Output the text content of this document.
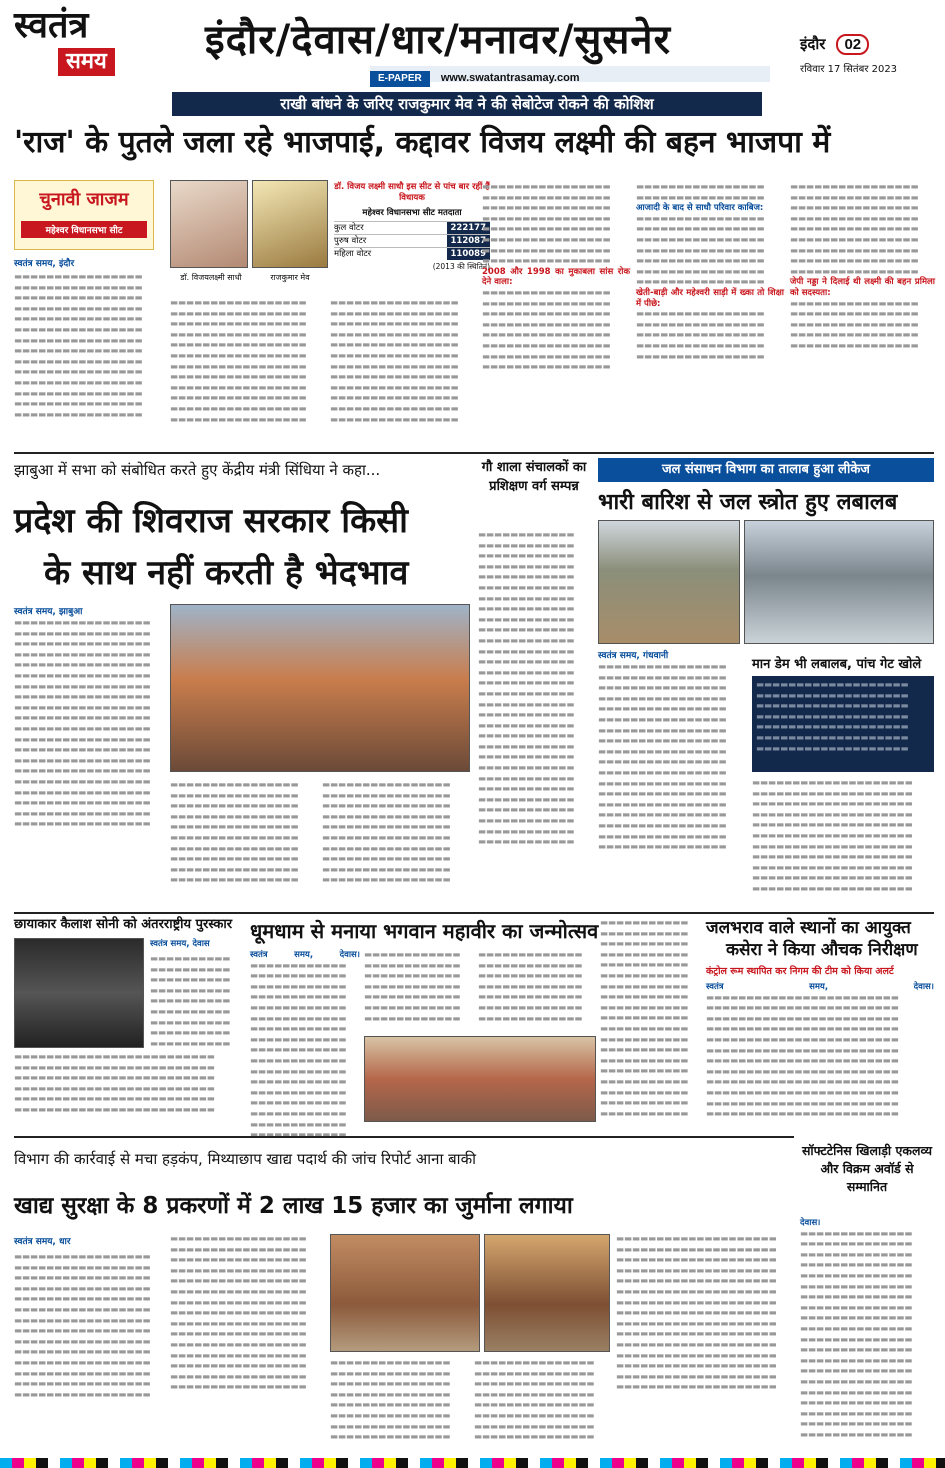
स्वतंत्र
समय इंदौर/देवास/धार/मनावर/सुसनेर
E-PAPER www.swatantrasamay.com
इंदौर 02
रविवार 17 सितंबर 2023
राखी बांधने के जरिए राजकुमार मेव ने की सेबोटेज रोकने की कोशिश
'राज' के पुतले जला रहे भाजपाई, कद्दावर विजय लक्ष्मी की बहन भाजपा में
चुनावी जाजम
महेश्वर विधानसभा सीट
स्वतंत्र समय, इंदौर
▬▬▬▬▬▬▬▬▬▬▬▬▬▬▬▬ ▬▬▬▬▬▬▬▬▬▬▬▬▬▬▬▬ ▬▬▬▬▬▬▬▬▬▬▬▬▬▬▬▬ ▬▬▬▬▬▬▬▬▬▬▬▬▬▬▬▬ ▬▬▬▬▬▬▬▬▬▬▬▬▬▬▬▬ ▬▬▬▬▬▬▬▬▬▬▬▬▬▬▬▬ ▬▬▬▬▬▬▬▬▬▬▬▬▬▬▬▬ ▬▬▬▬▬▬▬▬▬▬▬▬▬▬▬▬ ▬▬▬▬▬▬▬▬▬▬▬▬▬▬▬▬ ▬▬▬▬▬▬▬▬▬▬▬▬▬▬▬▬ ▬▬▬▬▬▬▬▬▬▬▬▬▬▬▬▬ ▬▬▬▬▬▬▬▬▬▬▬▬▬▬▬▬ ▬▬▬▬▬▬▬▬▬▬▬▬▬▬▬▬ ▬▬▬▬▬▬▬▬▬▬▬▬▬▬▬▬
डॉ. विजयलक्ष्मी साधौ	राजकुमार मेव
डॉ. विजय लक्ष्मी साधौ इस सीट से पांच बार रहीं हैं विधायक
महेश्वर विधानसभा सीट मतदाता
कुल वोटर	222177
पुरुष वोटर	112087
महिला वोटर	110089
(2013 की स्थितिनं)
▬▬▬▬▬▬▬▬▬▬▬▬▬▬▬▬▬ ▬▬▬▬▬▬▬▬▬▬▬▬▬▬▬▬▬ ▬▬▬▬▬▬▬▬▬▬▬▬▬▬▬▬▬ ▬▬▬▬▬▬▬▬▬▬▬▬▬▬▬▬▬ ▬▬▬▬▬▬▬▬▬▬▬▬▬▬▬▬▬ ▬▬▬▬▬▬▬▬▬▬▬▬▬▬▬▬▬ ▬▬▬▬▬▬▬▬▬▬▬▬▬▬▬▬▬ ▬▬▬▬▬▬▬▬▬▬▬▬▬▬▬▬▬ ▬▬▬▬▬▬▬▬▬▬▬▬▬▬▬▬▬ ▬▬▬▬▬▬▬▬▬▬▬▬▬▬▬▬▬ ▬▬▬▬▬▬▬▬▬▬▬▬▬▬▬▬▬ ▬▬▬▬▬▬▬▬▬▬▬▬▬▬▬▬▬
▬▬▬▬▬▬▬▬▬▬▬▬▬▬▬▬ ▬▬▬▬▬▬▬▬▬▬▬▬▬▬▬▬ ▬▬▬▬▬▬▬▬▬▬▬▬▬▬▬▬ ▬▬▬▬▬▬▬▬▬▬▬▬▬▬▬▬ ▬▬▬▬▬▬▬▬▬▬▬▬▬▬▬▬ ▬▬▬▬▬▬▬▬▬▬▬▬▬▬▬▬ ▬▬▬▬▬▬▬▬▬▬▬▬▬▬▬▬ ▬▬▬▬▬▬▬▬▬▬▬▬▬▬▬▬ ▬▬▬▬▬▬▬▬▬▬▬▬▬▬▬▬ ▬▬▬▬▬▬▬▬▬▬▬▬▬▬▬▬ ▬▬▬▬▬▬▬▬▬▬▬▬▬▬▬▬ ▬▬▬▬▬▬▬▬▬▬▬▬▬▬▬▬
▬▬▬▬▬▬▬▬▬▬▬▬▬▬▬▬ ▬▬▬▬▬▬▬▬▬▬▬▬▬▬▬▬ ▬▬▬▬▬▬▬▬▬▬▬▬▬▬▬▬ ▬▬▬▬▬▬▬▬▬▬▬▬▬▬▬▬ ▬▬▬▬▬▬▬▬▬▬▬▬▬▬▬▬ ▬▬▬▬▬▬▬▬▬▬▬▬▬▬▬▬ ▬▬▬▬▬▬▬▬▬▬▬▬▬▬▬▬ ▬▬▬▬▬▬▬▬▬▬▬▬▬▬▬▬
2008 और 1998 का मुकाबला सांस रोक देने वाला:
▬▬▬▬▬▬▬▬▬▬▬▬▬▬▬▬ ▬▬▬▬▬▬▬▬▬▬▬▬▬▬▬▬ ▬▬▬▬▬▬▬▬▬▬▬▬▬▬▬▬ ▬▬▬▬▬▬▬▬▬▬▬▬▬▬▬▬ ▬▬▬▬▬▬▬▬▬▬▬▬▬▬▬▬ ▬▬▬▬▬▬▬▬▬▬▬▬▬▬▬▬ ▬▬▬▬▬▬▬▬▬▬▬▬▬▬▬▬ ▬▬▬▬▬▬▬▬▬▬▬▬▬▬▬▬
▬▬▬▬▬▬▬▬▬▬▬▬▬▬▬▬ ▬▬▬▬▬▬▬▬▬▬▬▬▬▬▬▬
आजादी के बाद से साधौ परिवार काबिज:
▬▬▬▬▬▬▬▬▬▬▬▬▬▬▬▬ ▬▬▬▬▬▬▬▬▬▬▬▬▬▬▬▬ ▬▬▬▬▬▬▬▬▬▬▬▬▬▬▬▬ ▬▬▬▬▬▬▬▬▬▬▬▬▬▬▬▬ ▬▬▬▬▬▬▬▬▬▬▬▬▬▬▬▬ ▬▬▬▬▬▬▬▬▬▬▬▬▬▬▬▬ ▬▬▬▬▬▬▬▬▬▬▬▬▬▬▬▬
खेती-बाड़ी और महेश्वरी साड़ी में ख्का तो शिक्षा में पीछे:
▬▬▬▬▬▬▬▬▬▬▬▬▬▬▬▬ ▬▬▬▬▬▬▬▬▬▬▬▬▬▬▬▬ ▬▬▬▬▬▬▬▬▬▬▬▬▬▬▬▬ ▬▬▬▬▬▬▬▬▬▬▬▬▬▬▬▬ ▬▬▬▬▬▬▬▬▬▬▬▬▬▬▬▬
▬▬▬▬▬▬▬▬▬▬▬▬▬▬▬▬ ▬▬▬▬▬▬▬▬▬▬▬▬▬▬▬▬ ▬▬▬▬▬▬▬▬▬▬▬▬▬▬▬▬ ▬▬▬▬▬▬▬▬▬▬▬▬▬▬▬▬ ▬▬▬▬▬▬▬▬▬▬▬▬▬▬▬▬ ▬▬▬▬▬▬▬▬▬▬▬▬▬▬▬▬ ▬▬▬▬▬▬▬▬▬▬▬▬▬▬▬▬ ▬▬▬▬▬▬▬▬▬▬▬▬▬▬▬▬ ▬▬▬▬▬▬▬▬▬▬▬▬▬▬▬▬
जेपी नड्डा ने दिलाई थी लक्ष्मी की बहन प्रमिला को सदस्यता:
▬▬▬▬▬▬▬▬▬▬▬▬▬▬▬▬ ▬▬▬▬▬▬▬▬▬▬▬▬▬▬▬▬ ▬▬▬▬▬▬▬▬▬▬▬▬▬▬▬▬ ▬▬▬▬▬▬▬▬▬▬▬▬▬▬▬▬ ▬▬▬▬▬▬▬▬▬▬▬▬▬▬▬▬
झाबुआ में सभा को संबोधित करते हुए केंद्रीय मंत्री सिंधिया ने कहा...
प्रदेश की शिवराज सरकार किसी
के साथ नहीं करती है भेदभाव
स्वतंत्र समय, झाबुआ
▬▬▬▬▬▬▬▬▬▬▬▬▬▬▬▬▬ ▬▬▬▬▬▬▬▬▬▬▬▬▬▬▬▬▬ ▬▬▬▬▬▬▬▬▬▬▬▬▬▬▬▬▬ ▬▬▬▬▬▬▬▬▬▬▬▬▬▬▬▬▬ ▬▬▬▬▬▬▬▬▬▬▬▬▬▬▬▬▬ ▬▬▬▬▬▬▬▬▬▬▬▬▬▬▬▬▬ ▬▬▬▬▬▬▬▬▬▬▬▬▬▬▬▬▬ ▬▬▬▬▬▬▬▬▬▬▬▬▬▬▬▬▬ ▬▬▬▬▬▬▬▬▬▬▬▬▬▬▬▬▬ ▬▬▬▬▬▬▬▬▬▬▬▬▬▬▬▬▬ ▬▬▬▬▬▬▬▬▬▬▬▬▬▬▬▬▬ ▬▬▬▬▬▬▬▬▬▬▬▬▬▬▬▬▬ ▬▬▬▬▬▬▬▬▬▬▬▬▬▬▬▬▬ ▬▬▬▬▬▬▬▬▬▬▬▬▬▬▬▬▬ ▬▬▬▬▬▬▬▬▬▬▬▬▬▬▬▬▬ ▬▬▬▬▬▬▬▬▬▬▬▬▬▬▬▬▬ ▬▬▬▬▬▬▬▬▬▬▬▬▬▬▬▬▬ ▬▬▬▬▬▬▬▬▬▬▬▬▬▬▬▬▬ ▬▬▬▬▬▬▬▬▬▬▬▬▬▬▬▬▬ ▬▬▬▬▬▬▬▬▬▬▬▬▬▬▬▬▬
▬▬▬▬▬▬▬▬▬▬▬▬▬▬▬▬ ▬▬▬▬▬▬▬▬▬▬▬▬▬▬▬▬ ▬▬▬▬▬▬▬▬▬▬▬▬▬▬▬▬ ▬▬▬▬▬▬▬▬▬▬▬▬▬▬▬▬ ▬▬▬▬▬▬▬▬▬▬▬▬▬▬▬▬ ▬▬▬▬▬▬▬▬▬▬▬▬▬▬▬▬ ▬▬▬▬▬▬▬▬▬▬▬▬▬▬▬▬ ▬▬▬▬▬▬▬▬▬▬▬▬▬▬▬▬ ▬▬▬▬▬▬▬▬▬▬▬▬▬▬▬▬ ▬▬▬▬▬▬▬▬▬▬▬▬▬▬▬▬
▬▬▬▬▬▬▬▬▬▬▬▬▬▬▬▬ ▬▬▬▬▬▬▬▬▬▬▬▬▬▬▬▬ ▬▬▬▬▬▬▬▬▬▬▬▬▬▬▬▬ ▬▬▬▬▬▬▬▬▬▬▬▬▬▬▬▬ ▬▬▬▬▬▬▬▬▬▬▬▬▬▬▬▬ ▬▬▬▬▬▬▬▬▬▬▬▬▬▬▬▬ ▬▬▬▬▬▬▬▬▬▬▬▬▬▬▬▬ ▬▬▬▬▬▬▬▬▬▬▬▬▬▬▬▬ ▬▬▬▬▬▬▬▬▬▬▬▬▬▬▬▬ ▬▬▬▬▬▬▬▬▬▬▬▬▬▬▬▬
गौ शाला संचालकों का प्रशिक्षण वर्ग सम्पन्न
▬▬▬▬▬▬▬▬▬▬▬▬ ▬▬▬▬▬▬▬▬▬▬▬▬ ▬▬▬▬▬▬▬▬▬▬▬▬ ▬▬▬▬▬▬▬▬▬▬▬▬ ▬▬▬▬▬▬▬▬▬▬▬▬ ▬▬▬▬▬▬▬▬▬▬▬▬ ▬▬▬▬▬▬▬▬▬▬▬▬ ▬▬▬▬▬▬▬▬▬▬▬▬ ▬▬▬▬▬▬▬▬▬▬▬▬ ▬▬▬▬▬▬▬▬▬▬▬▬ ▬▬▬▬▬▬▬▬▬▬▬▬ ▬▬▬▬▬▬▬▬▬▬▬▬ ▬▬▬▬▬▬▬▬▬▬▬▬ ▬▬▬▬▬▬▬▬▬▬▬▬ ▬▬▬▬▬▬▬▬▬▬▬▬ ▬▬▬▬▬▬▬▬▬▬▬▬ ▬▬▬▬▬▬▬▬▬▬▬▬ ▬▬▬▬▬▬▬▬▬▬▬▬ ▬▬▬▬▬▬▬▬▬▬▬▬ ▬▬▬▬▬▬▬▬▬▬▬▬ ▬▬▬▬▬▬▬▬▬▬▬▬ ▬▬▬▬▬▬▬▬▬▬▬▬ ▬▬▬▬▬▬▬▬▬▬▬▬ ▬▬▬▬▬▬▬▬▬▬▬▬ ▬▬▬▬▬▬▬▬▬▬▬▬ ▬▬▬▬▬▬▬▬▬▬▬▬ ▬▬▬▬▬▬▬▬▬▬▬▬ ▬▬▬▬▬▬▬▬▬▬▬▬ ▬▬▬▬▬▬▬▬▬▬▬▬ ▬▬▬▬▬▬▬▬▬▬▬▬
जल संसाधन विभाग का तालाब हुआ लीकेज
भारी बारिश से जल स्त्रोत हुए लबालब
स्वतंत्र समय, गंधवानी
मान डेम भी लबालब, पांच गेट खोले
▬▬▬▬▬▬▬▬▬▬▬▬▬▬▬▬▬▬▬ ▬▬▬▬▬▬▬▬▬▬▬▬▬▬▬▬▬▬▬ ▬▬▬▬▬▬▬▬▬▬▬▬▬▬▬▬▬▬▬ ▬▬▬▬▬▬▬▬▬▬▬▬▬▬▬▬▬▬▬ ▬▬▬▬▬▬▬▬▬▬▬▬▬▬▬▬▬▬▬ ▬▬▬▬▬▬▬▬▬▬▬▬▬▬▬▬▬▬▬ ▬▬▬▬▬▬▬▬▬▬▬▬▬▬▬▬▬▬▬
▬▬▬▬▬▬▬▬▬▬▬▬▬▬▬▬ ▬▬▬▬▬▬▬▬▬▬▬▬▬▬▬▬ ▬▬▬▬▬▬▬▬▬▬▬▬▬▬▬▬ ▬▬▬▬▬▬▬▬▬▬▬▬▬▬▬▬ ▬▬▬▬▬▬▬▬▬▬▬▬▬▬▬▬ ▬▬▬▬▬▬▬▬▬▬▬▬▬▬▬▬ ▬▬▬▬▬▬▬▬▬▬▬▬▬▬▬▬ ▬▬▬▬▬▬▬▬▬▬▬▬▬▬▬▬ ▬▬▬▬▬▬▬▬▬▬▬▬▬▬▬▬ ▬▬▬▬▬▬▬▬▬▬▬▬▬▬▬▬ ▬▬▬▬▬▬▬▬▬▬▬▬▬▬▬▬ ▬▬▬▬▬▬▬▬▬▬▬▬▬▬▬▬ ▬▬▬▬▬▬▬▬▬▬▬▬▬▬▬▬ ▬▬▬▬▬▬▬▬▬▬▬▬▬▬▬▬ ▬▬▬▬▬▬▬▬▬▬▬▬▬▬▬▬ ▬▬▬▬▬▬▬▬▬▬▬▬▬▬▬▬ ▬▬▬▬▬▬▬▬▬▬▬▬▬▬▬▬ ▬▬▬▬▬▬▬▬▬▬▬▬▬▬▬▬
▬▬▬▬▬▬▬▬▬▬▬▬▬▬▬▬▬▬▬▬ ▬▬▬▬▬▬▬▬▬▬▬▬▬▬▬▬▬▬▬▬ ▬▬▬▬▬▬▬▬▬▬▬▬▬▬▬▬▬▬▬▬ ▬▬▬▬▬▬▬▬▬▬▬▬▬▬▬▬▬▬▬▬ ▬▬▬▬▬▬▬▬▬▬▬▬▬▬▬▬▬▬▬▬ ▬▬▬▬▬▬▬▬▬▬▬▬▬▬▬▬▬▬▬▬ ▬▬▬▬▬▬▬▬▬▬▬▬▬▬▬▬▬▬▬▬ ▬▬▬▬▬▬▬▬▬▬▬▬▬▬▬▬▬▬▬▬ ▬▬▬▬▬▬▬▬▬▬▬▬▬▬▬▬▬▬▬▬ ▬▬▬▬▬▬▬▬▬▬▬▬▬▬▬▬▬▬▬▬ ▬▬▬▬▬▬▬▬▬▬▬▬▬▬▬▬▬▬▬▬
छायाकार कैलाश सोनी को अंतरराष्ट्रीय पुरस्कार
स्वतंत्र समय, देवास
▬▬▬▬▬▬▬▬▬▬ ▬▬▬▬▬▬▬▬▬▬ ▬▬▬▬▬▬▬▬▬▬ ▬▬▬▬▬▬▬▬▬▬ ▬▬▬▬▬▬▬▬▬▬ ▬▬▬▬▬▬▬▬▬▬ ▬▬▬▬▬▬▬▬▬▬ ▬▬▬▬▬▬▬▬▬▬ ▬▬▬▬▬▬▬▬▬▬
▬▬▬▬▬▬▬▬▬▬▬▬▬▬▬▬▬▬▬▬▬▬▬▬▬ ▬▬▬▬▬▬▬▬▬▬▬▬▬▬▬▬▬▬▬▬▬▬▬▬▬ ▬▬▬▬▬▬▬▬▬▬▬▬▬▬▬▬▬▬▬▬▬▬▬▬▬ ▬▬▬▬▬▬▬▬▬▬▬▬▬▬▬▬▬▬▬▬▬▬▬▬▬ ▬▬▬▬▬▬▬▬▬▬▬▬▬▬▬▬▬▬▬▬▬▬▬▬▬ ▬▬▬▬▬▬▬▬▬▬▬▬▬▬▬▬▬▬▬▬▬▬▬▬▬
धूमधाम से मनाया भगवान महावीर का जन्मोत्सव
स्वतंत्र समय, देवास। ▬▬▬▬▬▬▬▬▬▬▬▬ ▬▬▬▬▬▬▬▬▬▬▬▬ ▬▬▬▬▬▬▬▬▬▬▬▬ ▬▬▬▬▬▬▬▬▬▬▬▬ ▬▬▬▬▬▬▬▬▬▬▬▬ ▬▬▬▬▬▬▬▬▬▬▬▬ ▬▬▬▬▬▬▬▬▬▬▬▬ ▬▬▬▬▬▬▬▬▬▬▬▬ ▬▬▬▬▬▬▬▬▬▬▬▬ ▬▬▬▬▬▬▬▬▬▬▬▬ ▬▬▬▬▬▬▬▬▬▬▬▬ ▬▬▬▬▬▬▬▬▬▬▬▬ ▬▬▬▬▬▬▬▬▬▬▬▬ ▬▬▬▬▬▬▬▬▬▬▬▬ ▬▬▬▬▬▬▬▬▬▬▬▬ ▬▬▬▬▬▬▬▬▬▬▬▬
▬▬▬▬▬▬▬▬▬▬▬▬ ▬▬▬▬▬▬▬▬▬▬▬▬ ▬▬▬▬▬▬▬▬▬▬▬▬ ▬▬▬▬▬▬▬▬▬▬▬▬ ▬▬▬▬▬▬▬▬▬▬▬▬ ▬▬▬▬▬▬▬▬▬▬▬▬ ▬▬▬▬▬▬▬▬▬▬▬▬
▬▬▬▬▬▬▬▬▬▬▬▬▬ ▬▬▬▬▬▬▬▬▬▬▬▬▬ ▬▬▬▬▬▬▬▬▬▬▬▬▬ ▬▬▬▬▬▬▬▬▬▬▬▬▬ ▬▬▬▬▬▬▬▬▬▬▬▬▬ ▬▬▬▬▬▬▬▬▬▬▬▬▬ ▬▬▬▬▬▬▬▬▬▬▬▬▬
▬▬▬▬▬▬▬▬▬▬▬ ▬▬▬▬▬▬▬▬▬▬▬ ▬▬▬▬▬▬▬▬▬▬▬ ▬▬▬▬▬▬▬▬▬▬▬ ▬▬▬▬▬▬▬▬▬▬▬ ▬▬▬▬▬▬▬▬▬▬▬ ▬▬▬▬▬▬▬▬▬▬▬ ▬▬▬▬▬▬▬▬▬▬▬ ▬▬▬▬▬▬▬▬▬▬▬ ▬▬▬▬▬▬▬▬▬▬▬ ▬▬▬▬▬▬▬▬▬▬▬ ▬▬▬▬▬▬▬▬▬▬▬ ▬▬▬▬▬▬▬▬▬▬▬ ▬▬▬▬▬▬▬▬▬▬▬ ▬▬▬▬▬▬▬▬▬▬▬ ▬▬▬▬▬▬▬▬▬▬▬ ▬▬▬▬▬▬▬▬▬▬▬ ▬▬▬▬▬▬▬▬▬▬▬ ▬▬▬▬▬▬▬▬▬▬▬
जलभराव वाले स्थानों का आयुक्त
कसेरा ने किया औचक निरीक्षण
कंट्रोल रूम स्थापित कर निगम की टीम को किया अलर्ट
स्वतंत्र समय, देवास। ▬▬▬▬▬▬▬▬▬▬▬▬▬▬▬▬▬▬▬▬▬▬▬▬ ▬▬▬▬▬▬▬▬▬▬▬▬▬▬▬▬▬▬▬▬▬▬▬▬ ▬▬▬▬▬▬▬▬▬▬▬▬▬▬▬▬▬▬▬▬▬▬▬▬ ▬▬▬▬▬▬▬▬▬▬▬▬▬▬▬▬▬▬▬▬▬▬▬▬ ▬▬▬▬▬▬▬▬▬▬▬▬▬▬▬▬▬▬▬▬▬▬▬▬ ▬▬▬▬▬▬▬▬▬▬▬▬▬▬▬▬▬▬▬▬▬▬▬▬ ▬▬▬▬▬▬▬▬▬▬▬▬▬▬▬▬▬▬▬▬▬▬▬▬ ▬▬▬▬▬▬▬▬▬▬▬▬▬▬▬▬▬▬▬▬▬▬▬▬ ▬▬▬▬▬▬▬▬▬▬▬▬▬▬▬▬▬▬▬▬▬▬▬▬ ▬▬▬▬▬▬▬▬▬▬▬▬▬▬▬▬▬▬▬▬▬▬▬▬ ▬▬▬▬▬▬▬▬▬▬▬▬▬▬▬▬▬▬▬▬▬▬▬▬ ▬▬▬▬▬▬▬▬▬▬▬▬▬▬▬▬▬▬▬▬▬▬▬▬
विभाग की कार्रवाई से मचा हड़कंप, मिथ्याछाप खाद्य पदार्थ की जांच रिपोर्ट आना बाकी
खाद्य सुरक्षा के 8 प्रकरणों में 2 लाख 15 हजार का जुर्माना लगाया
स्वतंत्र समय, धार
▬▬▬▬▬▬▬▬▬▬▬▬▬▬▬▬▬ ▬▬▬▬▬▬▬▬▬▬▬▬▬▬▬▬▬ ▬▬▬▬▬▬▬▬▬▬▬▬▬▬▬▬▬ ▬▬▬▬▬▬▬▬▬▬▬▬▬▬▬▬▬ ▬▬▬▬▬▬▬▬▬▬▬▬▬▬▬▬▬ ▬▬▬▬▬▬▬▬▬▬▬▬▬▬▬▬▬ ▬▬▬▬▬▬▬▬▬▬▬▬▬▬▬▬▬ ▬▬▬▬▬▬▬▬▬▬▬▬▬▬▬▬▬ ▬▬▬▬▬▬▬▬▬▬▬▬▬▬▬▬▬ ▬▬▬▬▬▬▬▬▬▬▬▬▬▬▬▬▬ ▬▬▬▬▬▬▬▬▬▬▬▬▬▬▬▬▬ ▬▬▬▬▬▬▬▬▬▬▬▬▬▬▬▬▬ ▬▬▬▬▬▬▬▬▬▬▬▬▬▬▬▬▬ ▬▬▬▬▬▬▬▬▬▬▬▬▬▬▬▬▬
▬▬▬▬▬▬▬▬▬▬▬▬▬▬▬▬▬ ▬▬▬▬▬▬▬▬▬▬▬▬▬▬▬▬▬ ▬▬▬▬▬▬▬▬▬▬▬▬▬▬▬▬▬ ▬▬▬▬▬▬▬▬▬▬▬▬▬▬▬▬▬ ▬▬▬▬▬▬▬▬▬▬▬▬▬▬▬▬▬ ▬▬▬▬▬▬▬▬▬▬▬▬▬▬▬▬▬ ▬▬▬▬▬▬▬▬▬▬▬▬▬▬▬▬▬ ▬▬▬▬▬▬▬▬▬▬▬▬▬▬▬▬▬ ▬▬▬▬▬▬▬▬▬▬▬▬▬▬▬▬▬ ▬▬▬▬▬▬▬▬▬▬▬▬▬▬▬▬▬ ▬▬▬▬▬▬▬▬▬▬▬▬▬▬▬▬▬ ▬▬▬▬▬▬▬▬▬▬▬▬▬▬▬▬▬ ▬▬▬▬▬▬▬▬▬▬▬▬▬▬▬▬▬ ▬▬▬▬▬▬▬▬▬▬▬▬▬▬▬▬▬ ▬▬▬▬▬▬▬▬▬▬▬▬▬▬▬▬▬
▬▬▬▬▬▬▬▬▬▬▬▬▬▬▬ ▬▬▬▬▬▬▬▬▬▬▬▬▬▬▬ ▬▬▬▬▬▬▬▬▬▬▬▬▬▬▬ ▬▬▬▬▬▬▬▬▬▬▬▬▬▬▬ ▬▬▬▬▬▬▬▬▬▬▬▬▬▬▬ ▬▬▬▬▬▬▬▬▬▬▬▬▬▬▬ ▬▬▬▬▬▬▬▬▬▬▬▬▬▬▬ ▬▬▬▬▬▬▬▬▬▬▬▬▬▬▬
▬▬▬▬▬▬▬▬▬▬▬▬▬▬▬ ▬▬▬▬▬▬▬▬▬▬▬▬▬▬▬ ▬▬▬▬▬▬▬▬▬▬▬▬▬▬▬ ▬▬▬▬▬▬▬▬▬▬▬▬▬▬▬ ▬▬▬▬▬▬▬▬▬▬▬▬▬▬▬ ▬▬▬▬▬▬▬▬▬▬▬▬▬▬▬ ▬▬▬▬▬▬▬▬▬▬▬▬▬▬▬ ▬▬▬▬▬▬▬▬▬▬▬▬▬▬▬
▬▬▬▬▬▬▬▬▬▬▬▬▬▬▬▬▬▬▬▬ ▬▬▬▬▬▬▬▬▬▬▬▬▬▬▬▬▬▬▬▬ ▬▬▬▬▬▬▬▬▬▬▬▬▬▬▬▬▬▬▬▬ ▬▬▬▬▬▬▬▬▬▬▬▬▬▬▬▬▬▬▬▬ ▬▬▬▬▬▬▬▬▬▬▬▬▬▬▬▬▬▬▬▬ ▬▬▬▬▬▬▬▬▬▬▬▬▬▬▬▬▬▬▬▬ ▬▬▬▬▬▬▬▬▬▬▬▬▬▬▬▬▬▬▬▬ ▬▬▬▬▬▬▬▬▬▬▬▬▬▬▬▬▬▬▬▬ ▬▬▬▬▬▬▬▬▬▬▬▬▬▬▬▬▬▬▬▬ ▬▬▬▬▬▬▬▬▬▬▬▬▬▬▬▬▬▬▬▬ ▬▬▬▬▬▬▬▬▬▬▬▬▬▬▬▬▬▬▬▬ ▬▬▬▬▬▬▬▬▬▬▬▬▬▬▬▬▬▬▬▬ ▬▬▬▬▬▬▬▬▬▬▬▬▬▬▬▬▬▬▬▬ ▬▬▬▬▬▬▬▬▬▬▬▬▬▬▬▬▬▬▬▬ ▬▬▬▬▬▬▬▬▬▬▬▬▬▬▬▬▬▬▬▬
सॉफ्टटेनिस खिलाड़ी एकलव्य और विक्रम अवॉर्ड से सम्मानित
देवास। ▬▬▬▬▬▬▬▬▬▬▬▬▬▬ ▬▬▬▬▬▬▬▬▬▬▬▬▬▬ ▬▬▬▬▬▬▬▬▬▬▬▬▬▬ ▬▬▬▬▬▬▬▬▬▬▬▬▬▬ ▬▬▬▬▬▬▬▬▬▬▬▬▬▬ ▬▬▬▬▬▬▬▬▬▬▬▬▬▬ ▬▬▬▬▬▬▬▬▬▬▬▬▬▬ ▬▬▬▬▬▬▬▬▬▬▬▬▬▬ ▬▬▬▬▬▬▬▬▬▬▬▬▬▬ ▬▬▬▬▬▬▬▬▬▬▬▬▬▬ ▬▬▬▬▬▬▬▬▬▬▬▬▬▬ ▬▬▬▬▬▬▬▬▬▬▬▬▬▬ ▬▬▬▬▬▬▬▬▬▬▬▬▬▬ ▬▬▬▬▬▬▬▬▬▬▬▬▬▬ ▬▬▬▬▬▬▬▬▬▬▬▬▬▬ ▬▬▬▬▬▬▬▬▬▬▬▬▬▬ ▬▬▬▬▬▬▬▬▬▬▬▬▬▬ ▬▬▬▬▬▬▬▬▬▬▬▬▬▬ ▬▬▬▬▬▬▬▬▬▬▬▬▬▬ ▬▬▬▬▬▬▬▬▬▬▬▬▬▬
